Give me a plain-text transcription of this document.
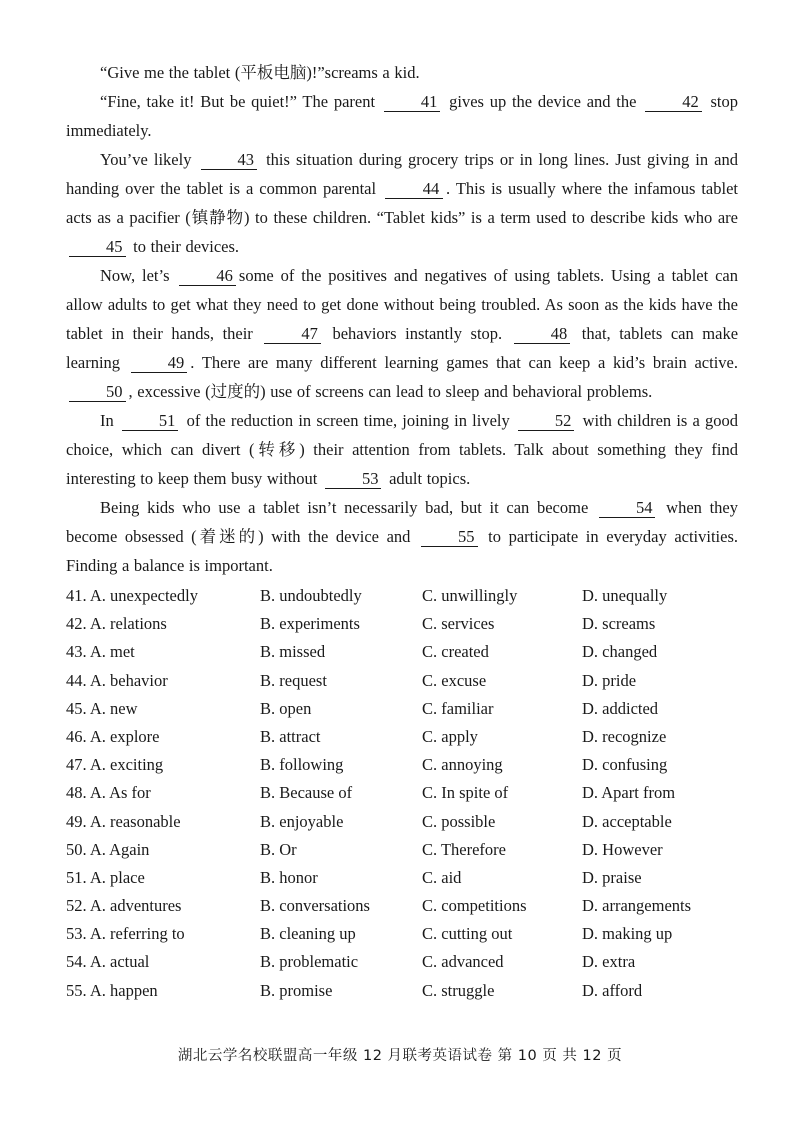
“Give me the tablet (平板电脑)!”screams a kid.

“Fine, take it! But be quiet!” The parent	41 gives up the device and the	42 stop immediately.

You’ve likely	43 this situation during grocery trips or in long lines. Just giving in and handing over the tablet is a common parental	44 . This is usually where the infamous tablet acts as a pacifier (镇静物) to these children. “Tablet kids” is a term used to describe kids who are 45 to their devices.

Now, let’s	46 some of the positives and negatives of using tablets. Using a tablet can allow adults to get what they need to get done without being troubled. As soon as the kids have the tablet in their hands, their	47 behaviors instantly stop.	48 that, tablets can make learning	49 . There are many different learning games that can keep a kid’s brain active. 50 , excessive (过度的) use of screens can lead to sleep and behavioral problems.

In	51 of the reduction in screen time, joining in lively	52 with children is a good choice, which can divert (转移) their attention from tablets. Talk about something they find interesting to keep them busy without	53 adult topics.

Being kids who use a tablet isn’t necessarily bad, but it can become	54 when they become obsessed (着迷的) with the device and	55 to participate in everyday activities. Finding a balance is important.

41. A. unexpectedly	B. undoubtedly	C. unwillingly	D. unequally
42. A. relations	B. experiments	C. services	D. screams
43. A. met	B. missed	C. created	D. changed
44. A. behavior	B. request	C. excuse	D. pride
45. A. new	B. open	C. familiar	D. addicted
46. A. explore	B. attract	C. apply	D. recognize
47. A. exciting	B. following	C. annoying	D. confusing
48. A. As for	B. Because of	C. In spite of	D. Apart from
49. A. reasonable	B. enjoyable	C. possible	D. acceptable
50. A. Again	B. Or	C. Therefore	D. However
51. A. place	B. honor	C. aid	D. praise
52. A. adventures	B. conversations	C. competitions	D. arrangements
53. A. referring to	B. cleaning up	C. cutting out	D. making up
54. A. actual	B. problematic	C. advanced	D. extra
55. A. happen	B. promise	C. struggle	D. afford
湖北云学名校联盟高一年级 12 月联考英语试卷 第 10 页 共 12 页
